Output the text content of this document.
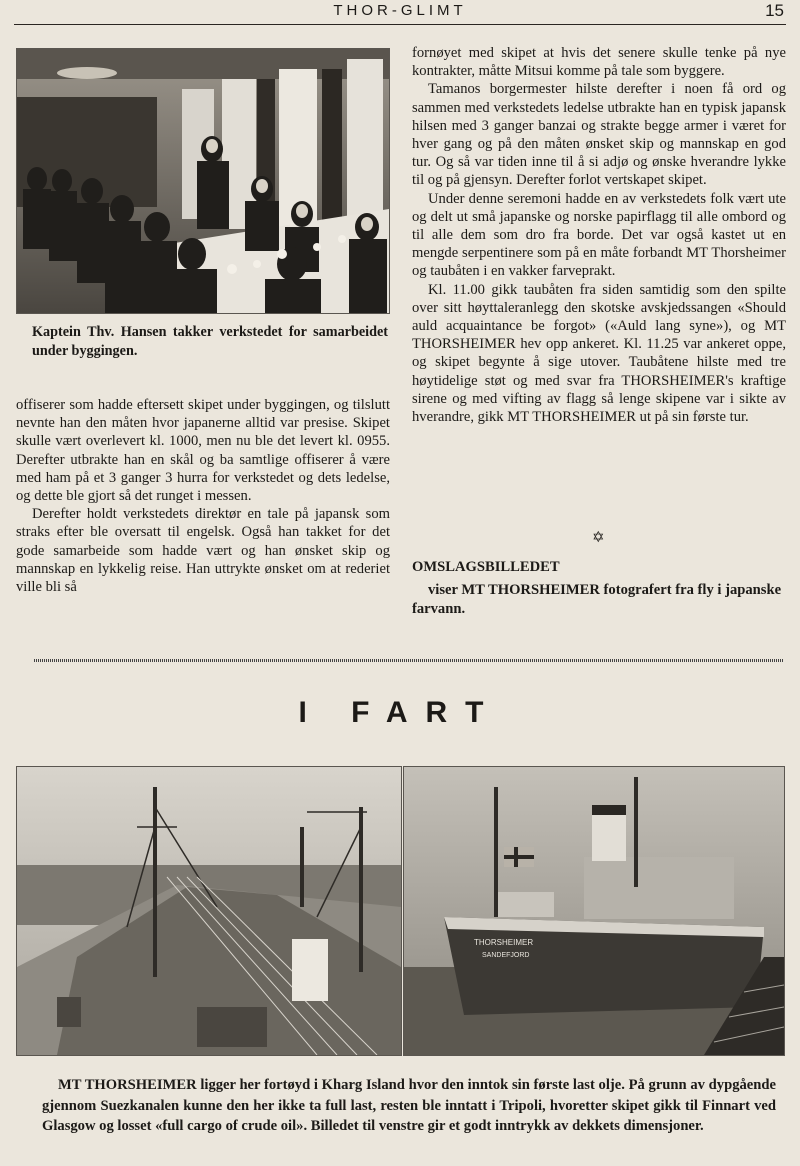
THOR-GLIMT	15
Kaptein Thv. Hansen takker verkstedet for samarbeidet under byggingen.

offiserer som hadde eftersett skipet under byggingen, og tilslutt nevnte han den måten hvor japanerne alltid var presise. Skipet skulle vært overlevert kl. 1000, men nu ble det levert kl. 0955. Derefter utbrakte han en skål og ba samtlige offiserer å være med ham på et 3 ganger 3 hurra for verkstedet og dets ledelse, og dette ble gjort så det runget i messen.

Derefter holdt verkstedets direktør en tale på japansk som straks efter ble oversatt til engelsk. Også han takket for det gode samarbeide som hadde vært og han ønsket skip og mannskap en lykkelig reise. Han uttrykte ønsket om at rederiet ville bli så

fornøyet med skipet at hvis det senere skulle tenke på nye kontrakter, måtte Mitsui komme på tale som byggere.

Tamanos borgermester hilste derefter i noen få ord og sammen med verkstedets ledelse utbrakte han en typisk japansk hilsen med 3 ganger banzai og strakte begge armer i været for hver gang og på den måten ønsket skip og mannskap en god tur. Og så var tiden inne til å si adjø og ønske hverandre lykke til og på gjensyn. Derefter forlot vertskapet skipet.

Under denne seremoni hadde en av verkstedets folk vært ute og delt ut små japanske og norske papirflagg til alle ombord og til alle dem som dro fra borde. Det var også kastet ut en mengde serpentinere som på en måte forbandt MT Thorsheimer og taubåten i en vakker farveprakt.

Kl. 11.00 gikk taubåten fra siden samtidig som den spilte over sitt høyttaleranlegg den skotske avskjedssangen «Should auld acquaintance be forgot» («Auld lang syne»), og MT THORSHEIMER hev opp ankeret. Kl. 11.25 var ankeret oppe, og skipet begynte å sige utover. Taubåtene hilste med tre høytidelige støt og med svar fra THORSHEIMER's kraftige sirene og med vifting av flagg så lenge skipene var i sikte av hverandre, gikk MT THORSHEIMER ut på sin første tur.

✡
OMSLAGSBILLEDET
viser MT THORSHEIMER fotografert fra fly i japanske farvann.
I FART
THORSHEIMER
SANDEFJORD
MT THORSHEIMER ligger her fortøyd i Kharg Island hvor den inntok sin første last olje. På grunn av dypgående gjennom Suezkanalen kunne den her ikke ta full last, resten ble inntatt i Tripoli, hvoretter skipet gikk til Finnart ved Glasgow og losset «full cargo of crude oil». Billedet til venstre gir et godt inntrykk av dekkets dimensjoner.
